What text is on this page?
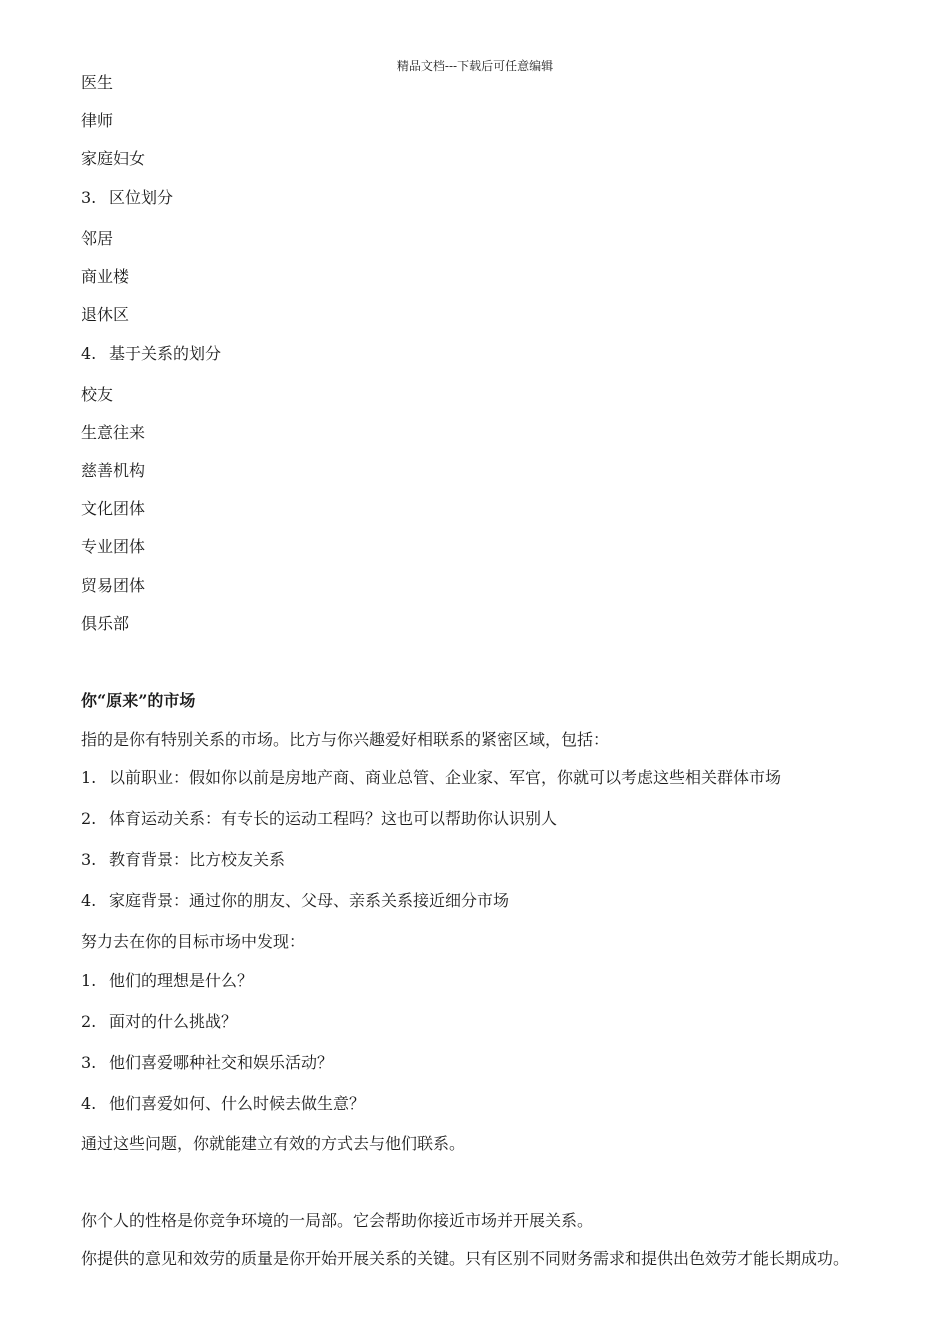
精品文档---下载后可任意编辑
医生
律师
家庭妇女
3. 区位划分
邻居
商业楼
退休区
4. 基于关系的划分
校友
生意往来
慈善机构
文化团体
专业团体
贸易团体
俱乐部
你“原来”的市场
指的是你有特别关系的市场。比方与你兴趣爱好相联系的紧密区域，包括：
1. 以前职业：假如你以前是房地产商、商业总管、企业家、军官，你就可以考虑这些相关群体市场
2. 体育运动关系：有专长的运动工程吗？这也可以帮助你认识别人
3. 教育背景：比方校友关系
4. 家庭背景：通过你的朋友、父母、亲系关系接近细分市场
努力去在你的目标市场中发现：
1. 他们的理想是什么？
2. 面对的什么挑战？
3. 他们喜爱哪种社交和娱乐活动？
4. 他们喜爱如何、什么时候去做生意？
通过这些问题，你就能建立有效的方式去与他们联系。
你个人的性格是你竞争环境的一局部。它会帮助你接近市场并开展关系。
你提供的意见和效劳的质量是你开始开展关系的关键。只有区别不同财务需求和提供出色效劳才能长期成功。
